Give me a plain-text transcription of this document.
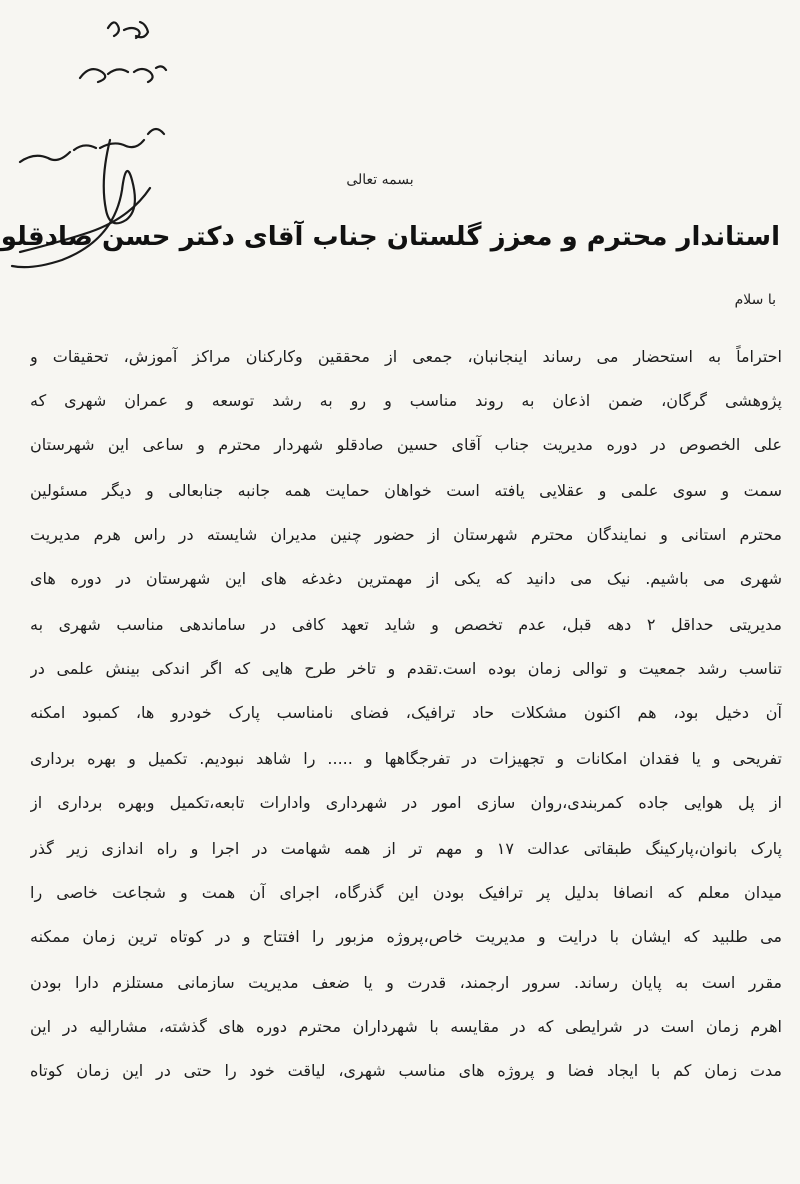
بسمه تعالی
استاندار محترم و معزز گلستان جناب آقای دکتر حسن صادقلو
با سلام
احتراماً به استحضار می رساند اینجانبان، جمعی از محققین وکارکنان مراکز آموزش، تحقیقات و
پژوهشی گرگان، ضمن اذعان به روند مناسب و رو به رشد توسعه و عمران شهری که
علی الخصوص در دوره مدیریت جناب آقای حسین صادقلو شهردار محترم و ساعی این شهرستان
سمت و سوی علمی و عقلایی یافته است خواهان حمایت همه جانبه جنابعالی و دیگر مسئولین
محترم استانی و نمایندگان محترم شهرستان از حضور چنین مدیران شایسته در راس هرم مدیریت
شهری می باشیم. نیک می دانید که یکی از مهمترین دغدغه های این شهرستان در دوره های
مدیریتی حداقل ۲ دهه قبل، عدم تخصص و شاید تعهد کافی در ساماندهی مناسب شهری به
تناسب رشد جمعیت و توالی زمان بوده است.تقدم و تاخر طرح هایی که اگر اندکی بینش علمی در
آن دخیل بود، هم اکنون مشکلات حاد ترافیک، فضای نامناسب پارک خودرو ها، کمبود امکنه
تفریحی و یا فقدان امکانات و تجهیزات در تفرجگاهها و ..... را شاهد نبودیم. تکمیل و بهره برداری
از پل هوایی جاده کمربندی،روان سازی امور در شهرداری وادارات تابعه،تکمیل وبهره برداری از
پارک بانوان،پارکینگ طبقاتی عدالت ۱۷ و مهم تر از همه شهامت در اجرا و راه اندازی زیر گذر
میدان معلم که انصافا بدلیل پر ترافیک بودن این گذرگاه، اجرای آن همت و شجاعت خاصی را
می طلبید که ایشان با درایت و مدیریت خاص،پروژه مزبور را افتتاح و در کوتاه ترین زمان ممکنه
مقرر است به پایان رساند. سرور ارجمند، قدرت و یا ضعف مدیریت سازمانی مستلزم دارا بودن
اهرم زمان است در شرایطی که در مقایسه با شهرداران محترم دوره های گذشته، مشارالیه در این
مدت زمان کم با ایجاد فضا و پروژه های مناسب شهری، لیاقت خود را حتی در این زمان کوتاه
